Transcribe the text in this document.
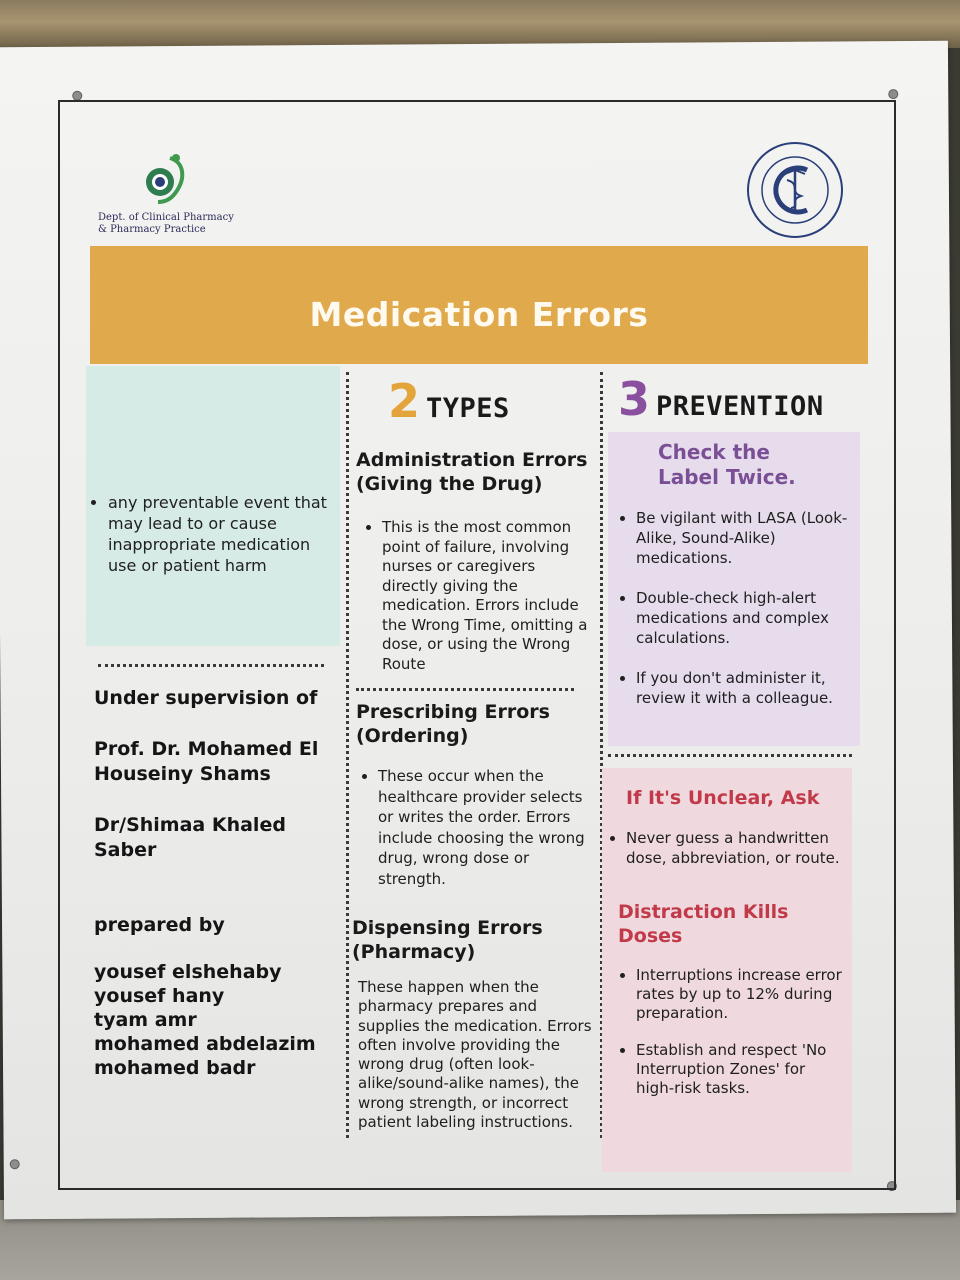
Dept. of Clinical Pharmacy
& Pharmacy Practice
Medication Errors
2 TYPES 3 PREVENTION
• any preventable event that may lead to or cause inappropriate medication use or patient harm
Under supervision of
Prof. Dr. Mohamed El Houseiny Shams
Dr/Shimaa Khaled Saber
prepared by
yousef elshehaby
yousef hany
tyam amr
mohamed abdelazim
mohamed badr
Administration Errors (Giving the Drug)
• This is the most common point of failure, involving nurses or caregivers directly giving the medication. Errors include the Wrong Time, omitting a dose, or using the Wrong Route
Prescribing Errors (Ordering)
• These occur when the healthcare provider selects or writes the order. Errors include choosing the wrong drug, wrong dose or strength.
Dispensing Errors (Pharmacy)
These happen when the pharmacy prepares and supplies the medication. Errors often involve providing the wrong drug (often look-alike/sound-alike names), the wrong strength, or incorrect patient labeling instructions.
Check the Label Twice.
• Be vigilant with LASA (Look-Alike, Sound-Alike) medications.
• Double-check high-alert medications and complex calculations.
• If you don't administer it, review it with a colleague.
If It's Unclear, Ask
• Never guess a handwritten dose, abbreviation, or route.
Distraction Kills Doses
• Interruptions increase error rates by up to 12% during preparation.
• Establish and respect 'No Interruption Zones' for high-risk tasks.
